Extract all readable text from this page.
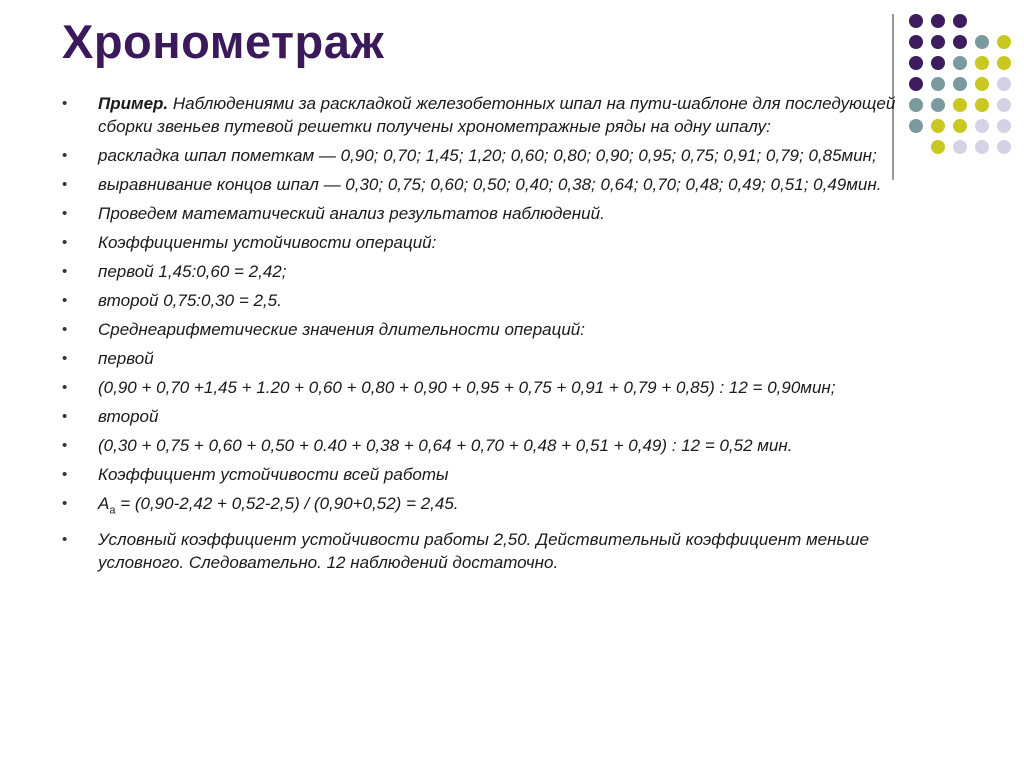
Хронометраж
• Пример. Наблюдениями за раскладкой железобетонных шпал на пути-шаблоне для последующей сборки звеньев путевой решетки получены хронометражные ряды на одну шпалу:
• раскладка шпал пометкам — 0,90; 0,70; 1,45; 1,20; 0,60; 0,80; 0,90; 0,95; 0,75; 0,91; 0,79; 0,85мин;
• выравнивание концов шпал — 0,30; 0,75; 0,60; 0,50; 0,40; 0,38; 0,64; 0,70; 0,48; 0,49; 0,51; 0,49мин.
• Проведем математический анализ результатов наблюдений.
• Коэффициенты устойчивости операций:
• первой 1,45:0,60 = 2,42;
• второй 0,75:0,30 = 2,5.
• Среднеарифметические значения длительности операций:
• первой
• (0,90 + 0,70 +1,45 + 1.20 + 0,60 + 0,80 + 0,90 + 0,95 + 0,75 + 0,91 + 0,79 + 0,85) : 12 = 0,90мин;
• второй
• (0,30 + 0,75 + 0,60 + 0,50 + 0.40 + 0,38 + 0,64 + 0,70 + 0,48 + 0,51 + 0,49) : 12 = 0,52 мин.
• Коэффициент устойчивости всей работы
• $А_а = (0,90-2,42 + 0,52-2,5) / (0,90+0,52) = 2,45$.
• Условный коэффициент устойчивости работы 2,50. Действительный коэффициент меньше условного. Следовательно. 12 наблюдений достаточно.
